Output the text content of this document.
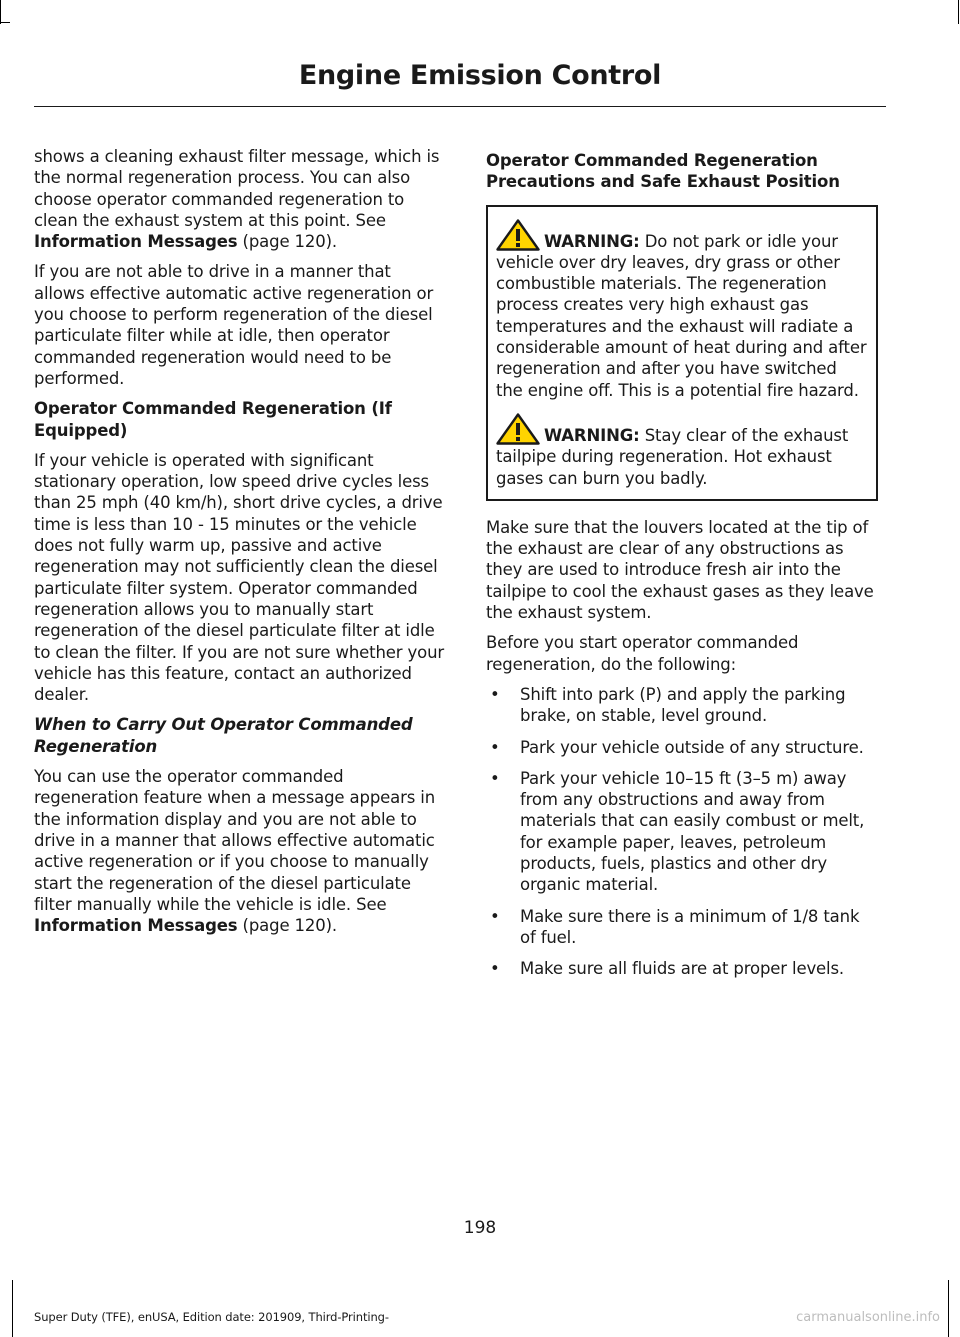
Engine Emission Control

shows a cleaning exhaust filter message, which is the normal regeneration process. You can also choose operator commanded regeneration to clean the exhaust system at this point. See Information Messages (page 120).

If you are not able to drive in a manner that allows effective automatic active regeneration or you choose to perform regeneration of the diesel particulate filter while at idle, then operator commanded regeneration would need to be performed.

Operator Commanded Regeneration (If Equipped)

If your vehicle is operated with significant stationary operation, low speed drive cycles less than 25 mph (40 km/h), short drive cycles, a drive time is less than 10 - 15 minutes or the vehicle does not fully warm up, passive and active regeneration may not sufficiently clean the diesel particulate filter system. Operator commanded regeneration allows you to manually start regeneration of the diesel particulate filter at idle to clean the filter. If you are not sure whether your vehicle has this feature, contact an authorized dealer.

When to Carry Out Operator Commanded Regeneration

You can use the operator commanded regeneration feature when a message appears in the information display and you are not able to drive in a manner that allows effective automatic active regeneration or if you choose to manually start the regeneration of the diesel particulate filter manually while the vehicle is idle. See Information Messages (page 120).

Operator Commanded Regeneration Precautions and Safe Exhaust Position

WARNING: Do not park or idle your vehicle over dry leaves, dry grass or other combustible materials. The regeneration process creates very high exhaust gas temperatures and the exhaust will radiate a considerable amount of heat during and after regeneration and after you have switched the engine off. This is a potential fire hazard.

WARNING: Stay clear of the exhaust tailpipe during regeneration. Hot exhaust gases can burn you badly.

Make sure that the louvers located at the tip of the exhaust are clear of any obstructions as they are used to introduce fresh air into the tailpipe to cool the exhaust gases as they leave the exhaust system.

Before you start operator commanded regeneration, do the following:

• Shift into park (P) and apply the parking brake, on stable, level ground.
• Park your vehicle outside of any structure.
• Park your vehicle 10–15 ft (3–5 m) away from any obstructions and away from materials that can easily combust or melt, for example paper, leaves, petroleum products, fuels, plastics and other dry organic material.
• Make sure there is a minimum of 1/8 tank of fuel.
• Make sure all fluids are at proper levels.
198
Super Duty (TFE), enUSA, Edition date: 201909, Third-Printing-	carmanualsonline.info
